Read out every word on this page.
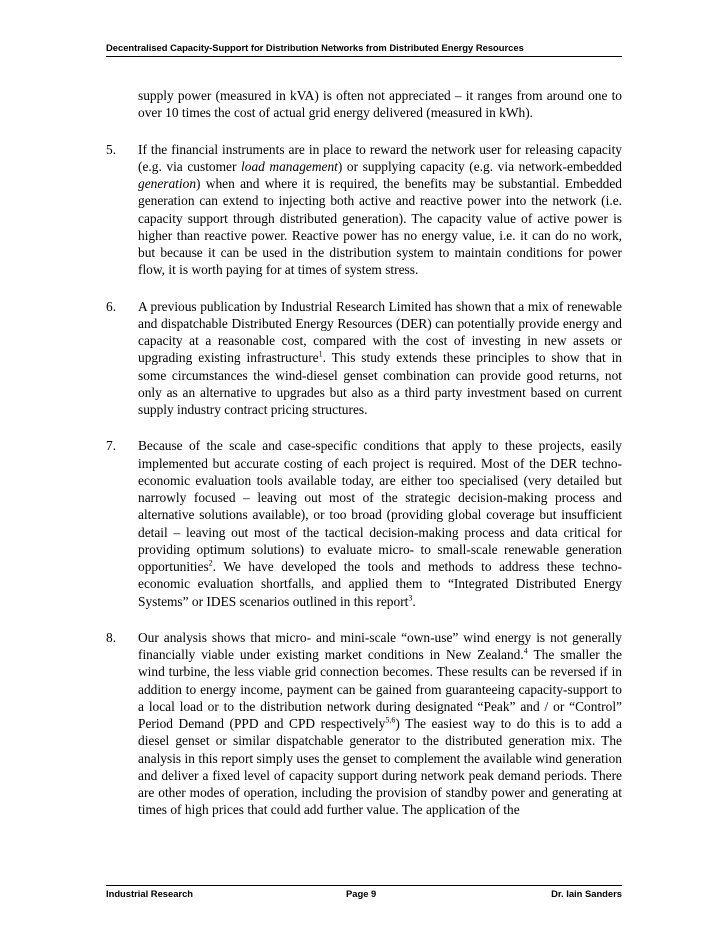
Decentralised Capacity-Support for Distribution Networks from Distributed Energy Resources
supply power (measured in kVA) is often not appreciated – it ranges from around one to over 10 times the cost of actual grid energy delivered (measured in kWh).
5. If the financial instruments are in place to reward the network user for releasing capacity (e.g. via customer load management) or supplying capacity (e.g. via network-embedded generation) when and where it is required, the benefits may be substantial. Embedded generation can extend to injecting both active and reactive power into the network (i.e. capacity support through distributed generation). The capacity value of active power is higher than reactive power. Reactive power has no energy value, i.e. it can do no work, but because it can be used in the distribution system to maintain conditions for power flow, it is worth paying for at times of system stress.
6. A previous publication by Industrial Research Limited has shown that a mix of renewable and dispatchable Distributed Energy Resources (DER) can potentially provide energy and capacity at a reasonable cost, compared with the cost of investing in new assets or upgrading existing infrastructure$^1$. This study extends these principles to show that in some circumstances the wind-diesel genset combination can provide good returns, not only as an alternative to upgrades but also as a third party investment based on current supply industry contract pricing structures.
7. Because of the scale and case-specific conditions that apply to these projects, easily implemented but accurate costing of each project is required. Most of the DER techno-economic evaluation tools available today, are either too specialised (very detailed but narrowly focused – leaving out most of the strategic decision-making process and alternative solutions available), or too broad (providing global coverage but insufficient detail – leaving out most of the tactical decision-making process and data critical for providing optimum solutions) to evaluate micro- to small-scale renewable generation opportunities$^2$. We have developed the tools and methods to address these techno-economic evaluation shortfalls, and applied them to “Integrated Distributed Energy Systems” or IDES scenarios outlined in this report$^3$.
8. Our analysis shows that micro- and mini-scale “own-use” wind energy is not generally financially viable under existing market conditions in New Zealand.$^4$ The smaller the wind turbine, the less viable grid connection becomes. These results can be reversed if in addition to energy income, payment can be gained from guaranteeing capacity-support to a local load or to the distribution network during designated “Peak” and / or “Control” Period Demand (PPD and CPD respectively$^{5,6}$) The easiest way to do this is to add a diesel genset or similar dispatchable generator to the distributed generation mix. The analysis in this report simply uses the genset to complement the available wind generation and deliver a fixed level of capacity support during network peak demand periods. There are other modes of operation, including the provision of standby power and generating at times of high prices that could add further value. The application of the
Industrial Research	Page 9	Dr. Iain Sanders
